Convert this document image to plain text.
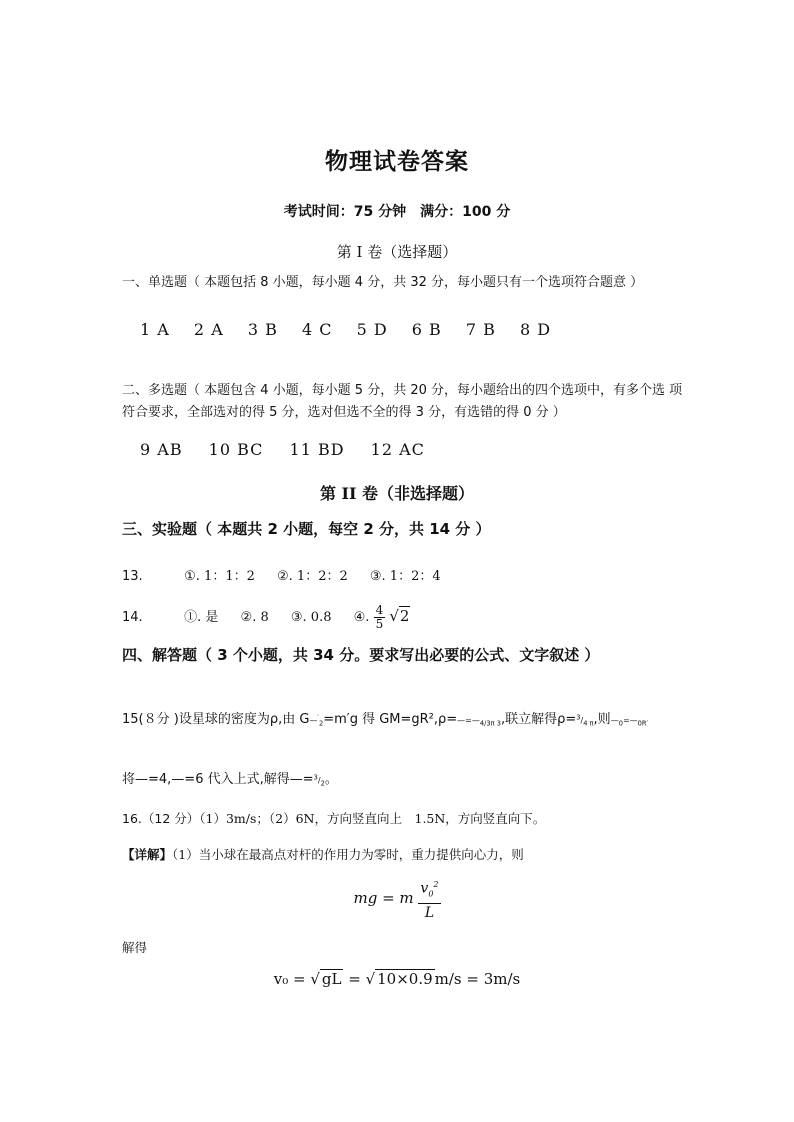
物理试卷答案
考试时间：75 分钟　满分：100 分
第 I 卷（选择题）
一、单选题（ 本题包括 8 小题，每小题 4 分，共 32 分，每小题只有一个选项符合题意 ）
1 A 2 A 3 B 4 C 5 D 6 B 7 B 8 D
二、多选题（ 本题包含 4 小题，每小题 5 分，共 20 分，每小题给出的四个选项中，有多个选 项
符合要求，全部选对的得 5 分，选对但选不全的得 3 分，有选错的得 0 分 ）
9 AB 10 BC 11 BD 12 AC
第 II 卷（非选择题）
三、实验题（ 本题共 2 小题，每空 2 分，共 14 分 ）
13.	①. 1：1：2 ②. 1：2：2 ③. 1：2：4
14.	①. 是 ②. 8 ③. 0.8 ④. $\frac{4}{5} √2$
四、解答题（ 3 个小题，共 34 分。要求写出必要的公式、文字叙述 ）
15(８分 )设星球的密度为ρ,由 $G—'_2=m'g$ 得 $GM=gR^2,\rho=—=—_{4/3\pi 3}$,联立解得$\rho=^3/_{4 \pi}$,则$—_0=—_{0R'}$
将—=4,—=6 代入上式,解得$—=^3/_2$。
16.（12 分）（1）3m/s；（2）6N，方向竖直向上　1.5N，方向竖直向下。
【详解】（1）当小球在最高点对杆的作用力为零时，重力提供向心力，则
mg = m $\frac{v_0^2}{L}$
解得
v₀ = √ gL = √ 10×0.9 m/s = 3m/s
